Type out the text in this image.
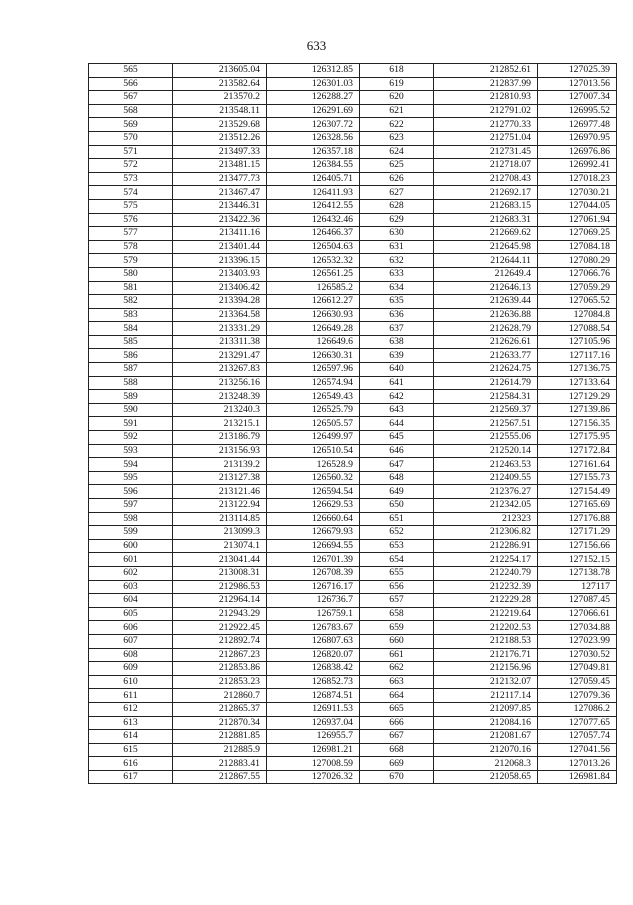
633
565	213605.04	126312.85	618	212852.61	127025.39
566	213582.64	126301.03	619	212837.99	127013.56
567	213570.2	126288.27	620	212810.93	127007.34
568	213548.11	126291.69	621	212791.02	126995.52
569	213529.68	126307.72	622	212770.33	126977.48
570	213512.26	126328.56	623	212751.04	126970.95
571	213497.33	126357.18	624	212731.45	126976.86
572	213481.15	126384.55	625	212718.07	126992.41
573	213477.73	126405.71	626	212708.43	127018.23
574	213467.47	126411.93	627	212692.17	127030.21
575	213446.31	126412.55	628	212683.15	127044.05
576	213422.36	126432.46	629	212683.31	127061.94
577	213411.16	126466.37	630	212669.62	127069.25
578	213401.44	126504.63	631	212645.98	127084.18
579	213396.15	126532.32	632	212644.11	127080.29
580	213403.93	126561.25	633	212649.4	127066.76
581	213406.42	126585.2	634	212646.13	127059.29
582	213394.28	126612.27	635	212639.44	127065.52
583	213364.58	126630.93	636	212636.88	127084.8
584	213331.29	126649.28	637	212628.79	127088.54
585	213311.38	126649.6	638	212626.61	127105.96
586	213291.47	126630.31	639	212633.77	127117.16
587	213267.83	126597.96	640	212624.75	127136.75
588	213256.16	126574.94	641	212614.79	127133.64
589	213248.39	126549.43	642	212584.31	127129.29
590	213240.3	126525.79	643	212569.37	127139.86
591	213215.1	126505.57	644	212567.51	127156.35
592	213186.79	126499.97	645	212555.06	127175.95
593	213156.93	126510.54	646	212520.14	127172.84
594	213139.2	126528.9	647	212463.53	127161.64
595	213127.38	126560.32	648	212409.55	127155.73
596	213121.46	126594.54	649	212376.27	127154.49
597	213122.94	126629.53	650	212342.05	127165.69
598	213114.85	126660.64	651	212323	127176.88
599	213099.3	126679.93	652	212306.82	127171.29
600	213074.1	126694.55	653	212286.91	127156.66
601	213041.44	126701.39	654	212254.17	127152.15
602	213008.31	126708.39	655	212240.79	127138.78
603	212986.53	126716.17	656	212232.39	127117
604	212964.14	126736.7	657	212229.28	127087.45
605	212943.29	126759.1	658	212219.64	127066.61
606	212922.45	126783.67	659	212202.53	127034.88
607	212892.74	126807.63	660	212188.53	127023.99
608	212867.23	126820.07	661	212176.71	127030.52
609	212853.86	126838.42	662	212156.96	127049.81
610	212853.23	126852.73	663	212132.07	127059.45
611	212860.7	126874.51	664	212117.14	127079.36
612	212865.37	126911.53	665	212097.85	127086.2
613	212870.34	126937.04	666	212084.16	127077.65
614	212881.85	126955.7	667	212081.67	127057.74
615	212885.9	126981.21	668	212070.16	127041.56
616	212883.41	127008.59	669	212068.3	127013.26
617	212867.55	127026.32	670	212058.65	126981.84
